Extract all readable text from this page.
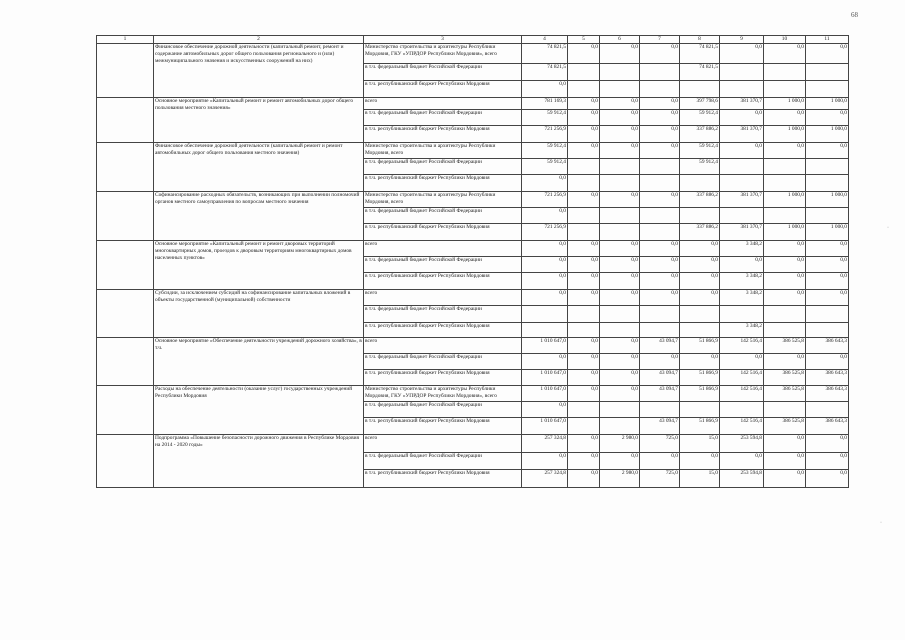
68
1	2	3	4	5	6	7	8	9	10	11
	Финансовое обеспечение дорожной деятельности (капитальный ремонт, ремонт и содержание автомобильных дорог общего пользования регионального и (или) межмуниципального значения и искусственных сооружений на них)	Министерство строительства и архитектуры Республики Мордовия, ГКУ «УПРДОР Республики Мордовия», всего	74 821,5	0,0	0,0	0,0	74 821,5	0,0	0,0	0,0
		в т.ч. федеральный бюджет Российской Федерации	74 821,5				74 821,5			
		в т.ч. республиканский бюджет Республики Мордовия	0,0							
	Основное мероприятие «Капитальный ремонт и ремонт автомобильных дорог общего пользования местного значения»	всего	781 169,3	0,0	0,0	0,0	397 798,6	381 370,7	1 000,0	1 000,0
		в т.ч. федеральный бюджет Российской Федерации	59 912,4	0,0	0,0	0,0	59 912,4	0,0	0,0	0,0
		в т.ч. республиканский бюджет Республики Мордовия	721 256,9	0,0	0,0	0,0	337 886,2	381 370,7	1 000,0	1 000,0
	Финансовое обеспечение дорожной деятельности (капитальный ремонт и ремонт автомобильных дорог общего пользования местного значения)	Министерство строительства и архитектуры Республики Мордовия, всего	59 912,4	0,0	0,0	0,0	59 912,4	0,0	0,0	0,0
		в т.ч. федеральный бюджет Российской Федерации	59 912,4				59 912,4			
		в т.ч. республиканский бюджет Республики Мордовия	0,0							
	Софинансирование расходных обязательств, возникающих при выполнении полномочий органов местного самоуправления по вопросам местного значения	Министерство строительства и архитектуры Республики Мордовия, всего	721 256,9	0,0	0,0	0,0	337 886,2	381 370,7	1 000,0	1 000,0
		в т.ч. федеральный бюджет Российской Федерации	0,0							
		в т.ч. республиканский бюджет Республики Мордовия	721 256,9				337 886,2	381 370,7	1 000,0	1 000,0
	Основное мероприятие «Капитальный ремонт и ремонт дворовых территорий многоквартирных домов, проездов к дворовым территориям многоквартирных домов населенных пунктов»	всего	0,0	0,0	0,0	0,0	0,0	3 348,2	0,0	0,0
		в т.ч. федеральный бюджет Российской Федерации	0,0	0,0	0,0	0,0	0,0	0,0	0,0	0,0
		в т.ч. республиканский бюджет Республики Мордовия	0,0	0,0	0,0	0,0	0,0	3 348,2	0,0	0,0
	Субсидии, за исключением субсидий на софинансирование капитальных вложений в объекты государственной (муниципальной) собственности	всего	0,0	0,0	0,0	0,0	0,0	3 348,2	0,0	0,0
		в т.ч. федеральный бюджет Российской Федерации								
		в т.ч. республиканский бюджет Республики Мордовия						3 348,2		
	Основное мероприятие «Обеспечение деятельности учреждений дорожного хозяйства», в т.ч.	всего	1 010 647,0	0,0	0,0	43 094,7	51 866,9	142 516,4	386 525,8	386 643,3
		в т.ч. федеральный бюджет Российской Федерации	0,0	0,0	0,0	0,0	0,0	0,0	0,0	0,0
		в т.ч. республиканский бюджет Республики Мордовия	1 010 647,0	0,0	0,0	43 094,7	51 866,9	142 516,4	386 525,8	386 643,3
	Расходы на обеспечение деятельности (оказание услуг) государственных учреждений Республики Мордовия	Министерство строительства и архитектуры Республики Мордовия, ГКУ «УПРДОР Республики Мордовия», всего	1 010 647,0	0,0	0,0	43 094,7	51 866,9	142 516,4	386 525,8	386 643,3
		в т.ч. федеральный бюджет Российской Федерации	0,0							
		в т.ч. республиканский бюджет Республики Мордовия	1 010 647,0			43 094,7	51 866,9	142 516,4	386 525,8	386 643,3
	Подпрограмма «Повышение безопасности дорожного движения в Республике Мордовия на 2014 - 2020 годы»	всего	257 324,8	0,0	2 980,0	725,0	15,0	253 594,8	0,0	0,0
		в т.ч. федеральный бюджет Российской Федерации	0,0	0,0	0,0	0,0	0,0	0,0	0,0	0,0
		в т.ч. республиканский бюджет Республики Мордовия	257 324,8	0,0	2 980,0	725,0	15,0	253 594,8	0,0	0,0
·
·
